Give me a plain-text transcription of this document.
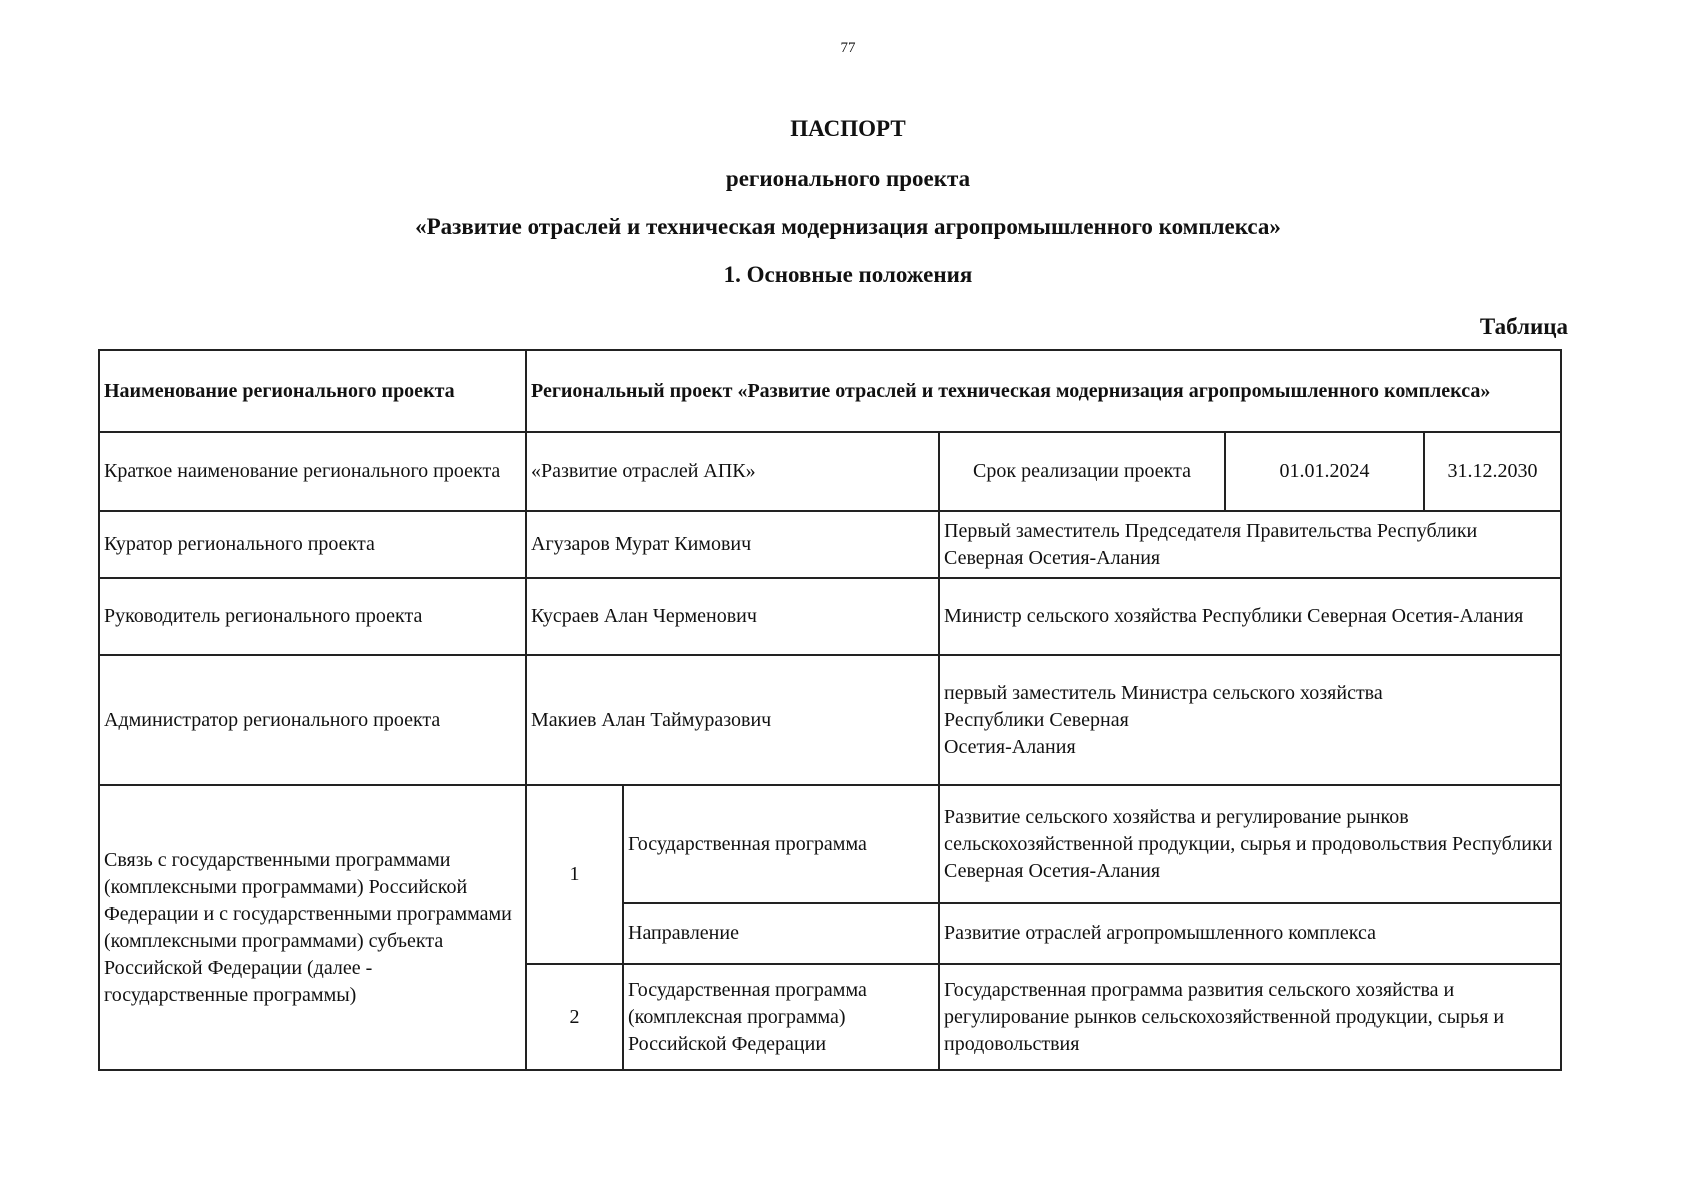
77
ПАСПОРТ
регионального проекта
«Развитие отраслей и техническая модернизация агропромышленного комплекса»
1. Основные положения
Таблица
Наименование регионального проекта	Региональный проект «Развитие отраслей и техническая модернизация агропромышленного комплекса»				
Краткое наименование регионального проекта	«Развитие отраслей АПК»		Срок реализации проекта	01.01.2024	31.12.2030
Куратор регионального проекта	Агузаров Мурат Кимович		Первый заместитель Председателя Правительства Республики Северная Осетия-Алания		
Руководитель регионального проекта	Кусраев Алан Черменович		Министр сельского хозяйства Республики Северная Осетия-Алания		
Администратор регионального проекта	Макиев Алан Таймуразович		первый заместитель Министра сельского хозяйства
Республики Северная
Осетия-Алания		
Связь с государственными программами (комплексными программами) Российской Федерации и с государственными программами (комплексными программами) субъекта Российской Федерации (далее - государственные программы)	1	Государственная программа	Развитие сельского хозяйства и регулирование рынков сельскохозяйственной продукции, сырья и продовольствия Республики Северная Осетия-Алания		
		Направление	Развитие отраслей агропромышленного комплекса		
	2	Государственная программа (комплексная программа) Российской Федерации	Государственная программа развития сельского хозяйства и регулирование рынков сельскохозяйственной продукции, сырья и продовольствия		
